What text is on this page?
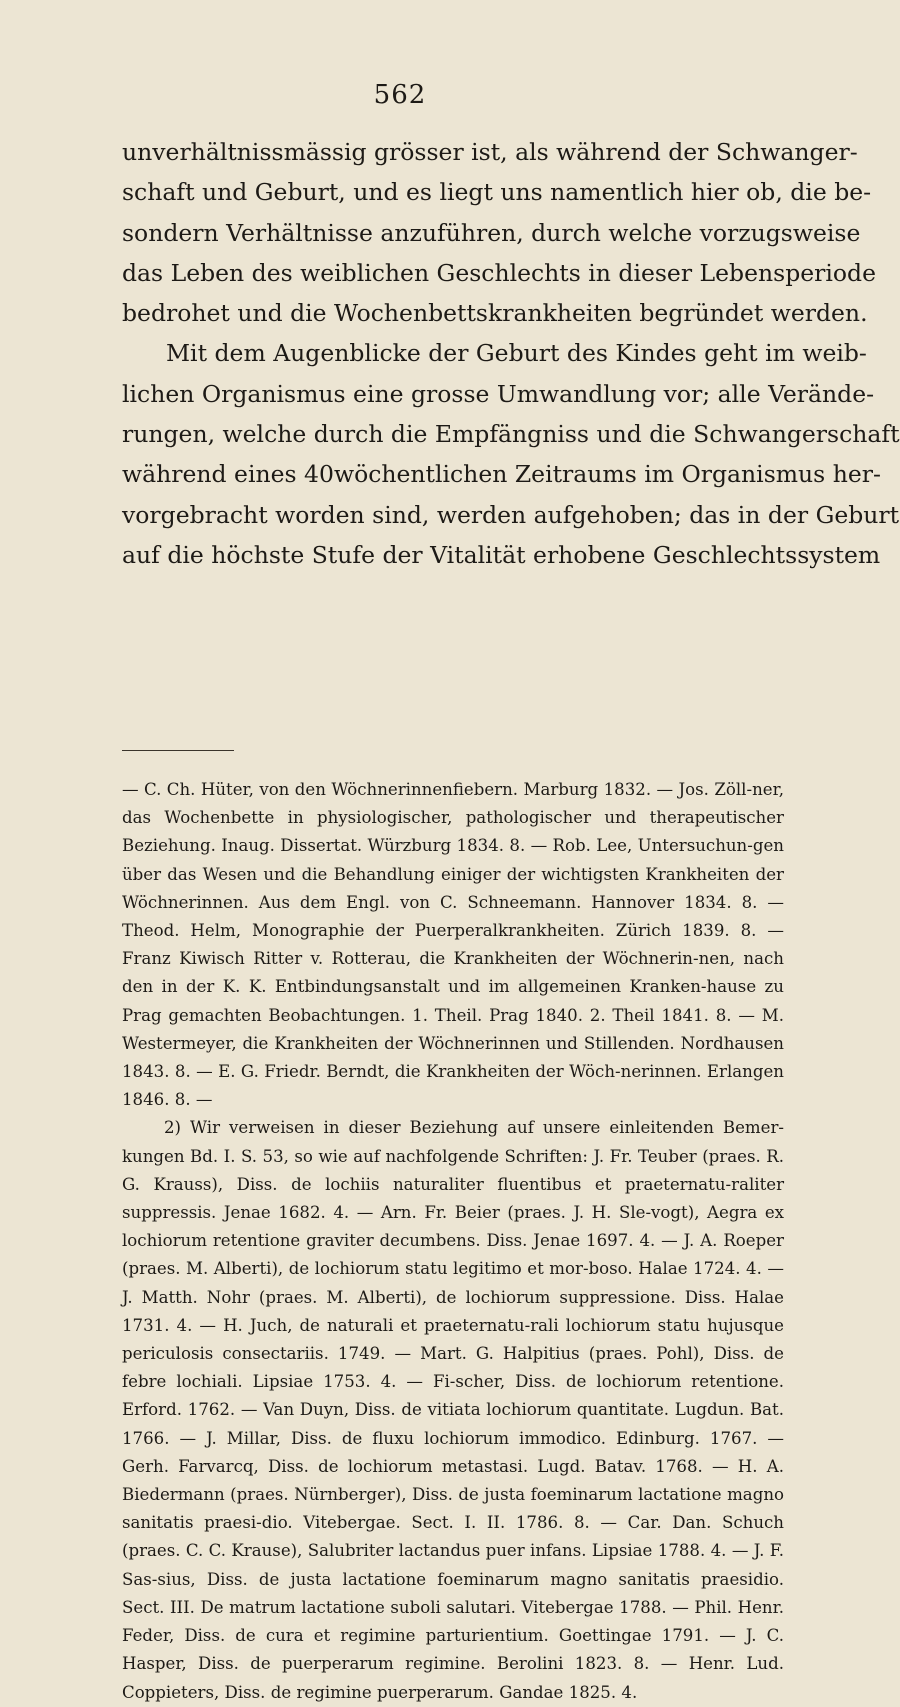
562
unverhältnissmässig grösser ist, als während der Schwanger-
schaft und Geburt, und es liegt uns namentlich hier ob, die be-
sondern Verhältnisse anzuführen, durch welche vorzugsweise
das Leben des weiblichen Geschlechts in dieser Lebensperiode
bedrohet und die Wochenbettskrankheiten begründet werden.
Mit dem Augenblicke der Geburt des Kindes geht im weib-
lichen Organismus eine grosse Umwandlung vor; alle Verände-
rungen, welche durch die Empfängniss und die Schwangerschaft
während eines 40wöchentlichen Zeitraums im Organismus her-
vorgebracht worden sind, werden aufgehoben; das in der Geburt
auf die höchste Stufe der Vitalität erhobene Geschlechtssystem

— C. Ch. Hüter, von den Wöchnerinnenfiebern. Marburg 1832. — Jos. Zöll-ner, das Wochenbette in physiologischer, pathologischer und therapeutischer Beziehung. Inaug. Dissertat. Würzburg 1834. 8. — Rob. Lee, Untersuchun-gen über das Wesen und die Behandlung einiger der wichtigsten Krankheiten der Wöchnerinnen. Aus dem Engl. von C. Schneemann. Hannover 1834. 8. — Theod. Helm, Monographie der Puerperalkrankheiten. Zürich 1839. 8. — Franz Kiwisch Ritter v. Rotterau, die Krankheiten der Wöchnerin-nen, nach den in der K. K. Entbindungsanstalt und im allgemeinen Kranken-hause zu Prag gemachten Beobachtungen. 1. Theil. Prag 1840. 2. Theil 1841. 8. — M. Westermeyer, die Krankheiten der Wöchnerinnen und Stillenden. Nordhausen 1843. 8. — E. G. Friedr. Berndt, die Krankheiten der Wöch-nerinnen. Erlangen 1846. 8. —

2) Wir verweisen in dieser Beziehung auf unsere einleitenden Bemer-kungen Bd. I. S. 53, so wie auf nachfolgende Schriften: J. Fr. Teuber (praes. R. G. Krauss), Diss. de lochiis naturaliter fluentibus et praeternatu-raliter suppressis. Jenae 1682. 4. — Arn. Fr. Beier (praes. J. H. Sle-vogt), Aegra ex lochiorum retentione graviter decumbens. Diss. Jenae 1697. 4. — J. A. Roeper (praes. M. Alberti), de lochiorum statu legitimo et mor-boso. Halae 1724. 4. — J. Matth. Nohr (praes. M. Alberti), de lochiorum suppressione. Diss. Halae 1731. 4. — H. Juch, de naturali et praeternatu-rali lochiorum statu hujusque periculosis consectariis. 1749. — Mart. G. Halpitius (praes. Pohl), Diss. de febre lochiali. Lipsiae 1753. 4. — Fi-scher, Diss. de lochiorum retentione. Erford. 1762. — Van Duyn, Diss. de vitiata lochiorum quantitate. Lugdun. Bat. 1766. — J. Millar, Diss. de fluxu lochiorum immodico. Edinburg. 1767. — Gerh. Farvarcq, Diss. de lochiorum metastasi. Lugd. Batav. 1768. — H. A. Biedermann (praes. Nürnberger), Diss. de justa foeminarum lactatione magno sanitatis praesi-dio. Vitebergae. Sect. I. II. 1786. 8. — Car. Dan. Schuch (praes. C. C. Krause), Salubriter lactandus puer infans. Lipsiae 1788. 4. — J. F. Sas-sius, Diss. de justa lactatione foeminarum magno sanitatis praesidio. Sect. III. De matrum lactatione suboli salutari. Vitebergae 1788. — Phil. Henr. Feder, Diss. de cura et regimine parturientium. Goettingae 1791. — J. C. Hasper, Diss. de puerperarum regimine. Berolini 1823. 8. — Henr. Lud. Coppieters, Diss. de regimine puerperarum. Gandae 1825. 4.
